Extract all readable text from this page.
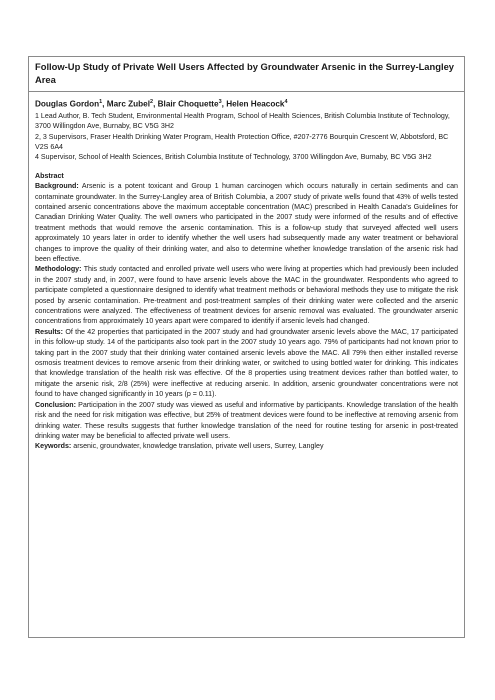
Follow-Up Study of Private Well Users Affected by Groundwater Arsenic in the Surrey-Langley Area

Douglas Gordon$^1$, Marc Zubel$^2$, Blair Choquette$^3$, Helen Heacock$^4$

1 Lead Author, B. Tech Student, Environmental Health Program, School of Health Sciences, British Columbia Institute of Technology, 3700 Willingdon Ave, Burnaby, BC V5G 3H2

2, 3 Supervisors, Fraser Health Drinking Water Program, Health Protection Office, #207-2776 Bourquin Crescent W, Abbotsford, BC V2S 6A4

4 Supervisor, School of Health Sciences, British Columbia Institute of Technology, 3700 Willingdon Ave, Burnaby, BC V5G 3H2

Abstract

Background: Arsenic is a potent toxicant and Group 1 human carcinogen which occurs naturally in certain sediments and can contaminate groundwater. In the Surrey-Langley area of British Columbia, a 2007 study of private wells found that 43% of wells tested contained arsenic concentrations above the maximum acceptable concentration (MAC) prescribed in Health Canada's Guidelines for Canadian Drinking Water Quality. The well owners who participated in the 2007 study were informed of the results and of effective treatment methods that would remove the arsenic contamination. This is a follow-up study that surveyed affected well users approximately 10 years later in order to identify whether the well users had subsequently made any water treatment or behavioral changes to improve the quality of their drinking water, and also to determine whether knowledge translation of the arsenic risk had been effective.

Methodology: This study contacted and enrolled private well users who were living at properties which had previously been included in the 2007 study and, in 2007, were found to have arsenic levels above the MAC in the groundwater. Respondents who agreed to participate completed a questionnaire designed to identify what treatment methods or behavioral methods they use to mitigate the risk posed by arsenic contamination. Pre-treatment and post-treatment samples of their drinking water were collected and the arsenic concentrations were analyzed. The effectiveness of treatment devices for arsenic removal was evaluated. The groundwater arsenic concentrations from approximately 10 years apart were compared to identify if arsenic levels had changed.

Results: Of the 42 properties that participated in the 2007 study and had groundwater arsenic levels above the MAC, 17 participated in this follow-up study. 14 of the participants also took part in the 2007 study 10 years ago. 79% of participants had not known prior to taking part in the 2007 study that their drinking water contained arsenic levels above the MAC. All 79% then either installed reverse osmosis treatment devices to remove arsenic from their drinking water, or switched to using bottled water for drinking. This indicates that knowledge translation of the health risk was effective. Of the 8 properties using treatment devices rather than bottled water, to mitigate the arsenic risk, 2/8 (25%) were ineffective at reducing arsenic. In addition, arsenic groundwater concentrations were not found to have changed significantly in 10 years (p = 0.11).

Conclusion: Participation in the 2007 study was viewed as useful and informative by participants. Knowledge translation of the health risk and the need for risk mitigation was effective, but 25% of treatment devices were found to be ineffective at removing arsenic from drinking water. These results suggests that further knowledge translation of the need for routine testing for arsenic in post-treated drinking water may be beneficial to affected private well users.

Keywords: arsenic, groundwater, knowledge translation, private well users, Surrey, Langley
